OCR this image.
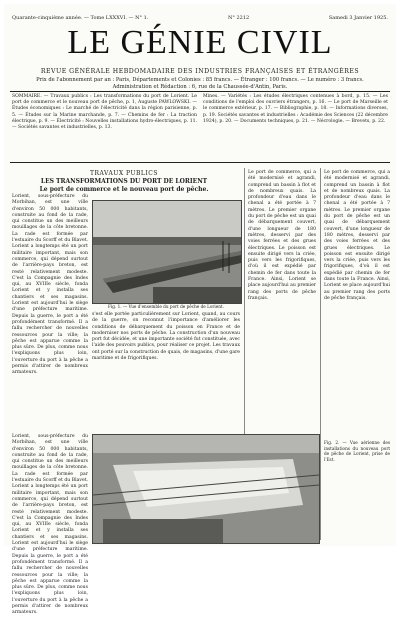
Quarante-cinquième année. — Tome LXXXVI. — N° 1.	N° 2212	Samedi 3 Janvier 1925.
LE GÉNIE CIVIL
REVUE GÉNÉRALE HEBDOMADAIRE DES INDUSTRIES FRANÇAISES ET ÉTRANGÈRES
Prix de l'abonnement par an : Paris, Départements et Colonies : 85 francs. — Étranger : 100 francs. — Le numéro : 3 francs.
Administration et Rédaction : 6, rue de la Chaussée-d'Antin, Paris.
SOMMAIRE. — Travaux publics : Les transformations du port de Lorient. Le port de commerce et le nouveau port de pêche, p. 1, Auguste PAWLOWSKI. — Études économiques : Le marché de l'électricité dans la région parisienne, p. 5. — Études sur la Marine marchande, p. 7. — Chemins de fer : La traction électrique, p. 9. — Électricité : Nouvelles installations hydro-électriques, p. 11. — Sociétés savantes et industrielles, p. 13.
Mines. — Variétés : Les études électriques contenues à bord, p. 15. — Les conditions de l'emploi des ouvriers étrangers, p. 16. — Le port de Marseille et le commerce extérieur, p. 17. — Bibliographie, p. 18. — Informations diverses, p. 19. Sociétés savantes et industrielles : Académie des Sciences (22 décembre 1924), p. 20. — Documents techniques, p. 21. — Nécrologie. — Brevets, p. 22.
TRAVAUX PUBLICS
LES TRANSFORMATIONS DU PORT DE LORIENT
Le port de commerce et le nouveau port de pêche.
Lorient, sous-préfecture du Morbihan, est une ville d'environ 50 000 habitants, construite au fond de la rade, qui constitue un des meilleurs mouillages de la côte bretonne. La rade est formée par l'estuaire du Scorff et du Blavet. Lorient a longtemps été un port militaire important, mais son commerce, qui dépend surtout de l'arrière-pays breton, est resté relativement modeste. C'est la Compagnie des Indes qui, au XVIIIe siècle, fonda Lorient et y installa ses chantiers et ses magasins. Lorient est aujourd'hui le siège d'une préfecture maritime. Depuis la guerre, le port a été profondément transformé. Il a fallu rechercher de nouvelles ressources pour la ville; la pêche est apparue comme la plus sûre. De plus, comme nous l'expliquons plus loin, l'ouverture du port à la pêche a permis d'attirer de nombreux armateurs.
Fig. 1. — Vue d'ensemble du port de pêche de Lorient.
s'est elle portée particulièrement sur Lorient, quand, au cours de la guerre, on reconnut l'importance d'améliorer les conditions de débarquement du poisson en France et de moderniser nos ports de pêche. La construction d'un nouveau port fut décidée, et une importante société fut constituée, avec l'aide des pouvoirs publics, pour réaliser ce projet. Les travaux ont porté sur la construction de quais, de magasins, d'une gare maritime et de frigorifiques.
Le port de commerce, qui a été modernisé et agrandi, comprend un bassin à flot et de nombreux quais. La profondeur d'eau dans le chenal a été portée à 7 mètres. Le premier organe du port de pêche est un quai de débarquement couvert, d'une longueur de 180 mètres, desservi par des voies ferrées et des grues électriques. Le poisson est ensuite dirigé vers la criée, puis vers les frigorifiques, d'où il est expédié par chemin de fer dans toute la France. Ainsi, Lorient se place aujourd'hui au premier rang des ports de pêche français.
Le port de commerce, qui a été modernisé et agrandi, comprend un bassin à flot et de nombreux quais. La profondeur d'eau dans le chenal a été portée à 7 mètres. Le premier organe du port de pêche est un quai de débarquement couvert, d'une longueur de 180 mètres, desservi par des voies ferrées et des grues électriques. Le poisson est ensuite dirigé vers la criée, puis vers les frigorifiques, d'où il est expédié par chemin de fer dans toute la France. Ainsi, Lorient se place aujourd'hui au premier rang des ports de pêche français.
Fig. 2. — Vue aérienne des installations du nouveau port de pêche de Lorient, prise de l'Est.
Lorient, sous-préfecture du Morbihan, est une ville d'environ 50 000 habitants, construite au fond de la rade, qui constitue un des meilleurs mouillages de la côte bretonne. La rade est formée par l'estuaire du Scorff et du Blavet. Lorient a longtemps été un port militaire important, mais son commerce, qui dépend surtout de l'arrière-pays breton, est resté relativement modeste. C'est la Compagnie des Indes qui, au XVIIIe siècle, fonda Lorient et y installa ses chantiers et ses magasins. Lorient est aujourd'hui le siège d'une préfecture maritime. Depuis la guerre, le port a été profondément transformé. Il a fallu rechercher de nouvelles ressources pour la ville; la pêche est apparue comme la plus sûre. De plus, comme nous l'expliquons plus loin, l'ouverture du port à la pêche a permis d'attirer de nombreux armateurs.
